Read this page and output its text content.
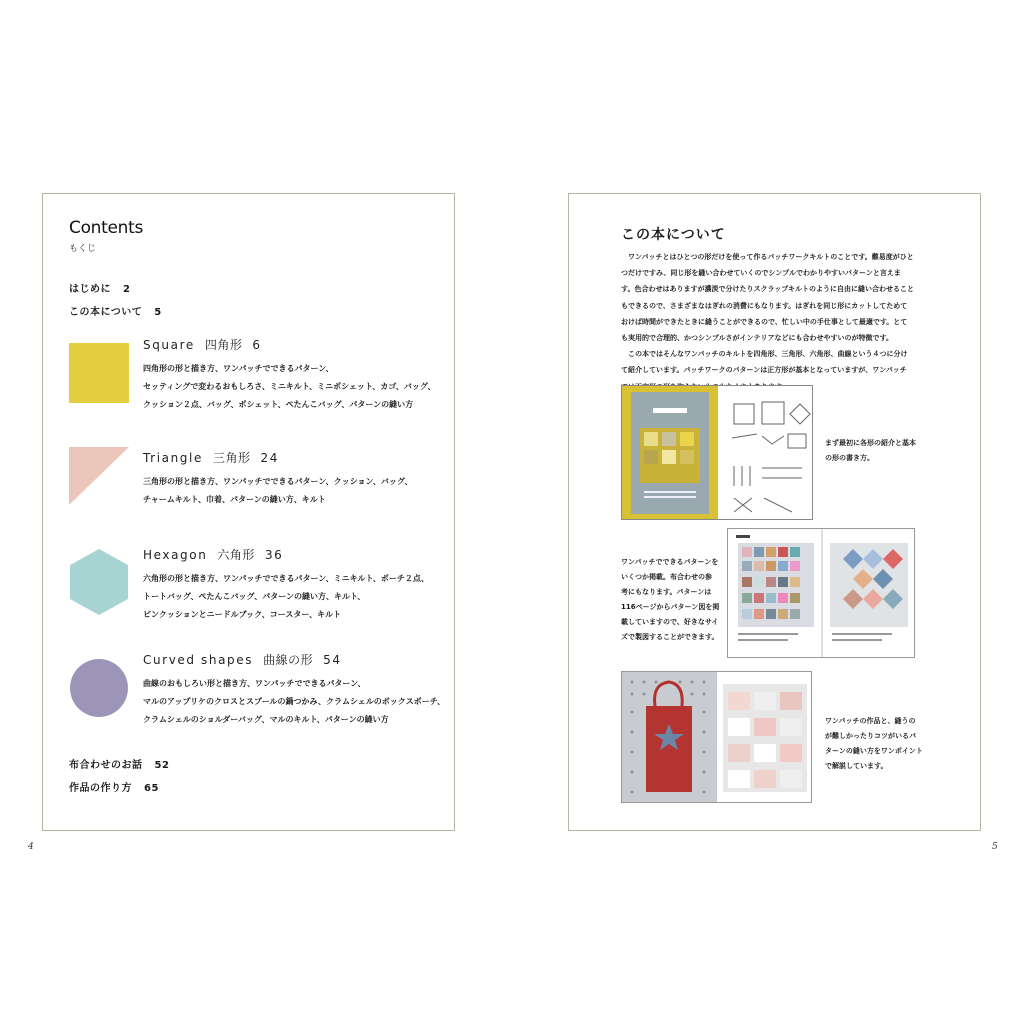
Contents
もくじ
はじめに 2
この本について 5
Square 四角形 6
四角形の形と描き方、ワンパッチでできるパターン、
セッティングで変わるおもしろさ、ミニキルト、ミニポシェット、カゴ、バッグ、
クッション２点、バッグ、ポシェット、ぺたんこバッグ、パターンの縫い方
Triangle 三角形 24
三角形の形と描き方、ワンパッチでできるパターン、クッション、バッグ、
チャームキルト、巾着、パターンの縫い方、キルト
Hexagon 六角形 36
六角形の形と描き方、ワンパッチでできるパターン、ミニキルト、ポーチ２点、
トートバッグ、ぺたんこバッグ、パターンの縫い方、キルト、
ピンクッションとニードルブック、コースター、キルト
Curved shapes 曲線の形 54
曲線のおもしろい形と描き方、ワンパッチでできるパターン、
マルのアップリケのクロスとスプールの鍋つかみ、クラムシェルのボックスポーチ、
クラムシェルのショルダーバッグ、マルのキルト、パターンの縫い方
布合わせのお話 52
作品の作り方 65
4
この本について
　ワンパッチとはひとつの形だけを使って作るパッチワークキルトのことです。難易度がひと
つだけですみ、同じ形を縫い合わせていくのでシンプルでわかりやすいパターンと言えま
す。色合わせはありますが濃淡で分けたりスクラップキルトのように自由に縫い合わせること
もできるので、さまざまなはぎれの消費にもなります。はぎれを同じ形にカットしてためて
おけば時間ができたときに縫うことができるので、忙しい中の手仕事として最適です。とて
も実用的で合理的、かつシンプルさがインテリアなどにも合わせやすいのが特徴です。
　この本ではそんなワンパッチのキルトを四角形、三角形、六角形、曲線という４つに分け
て紹介しています。パッチワークのパターンは正方形が基本となっていますが、ワンパッチ
まず最初に各形の紹介と基本
の形の書き方。
ワンパッチでできるパターンを
いくつか掲載。布合わせの参
考にもなります。パターンは
116ページからパターン図を掲
載していますので、好きなサイ
ズで製図することができます。
ワンパッチの作品と、縫うの
が難しかったりコツがいるパ
ターンの縫い方をワンポイント
で解説しています。
5
